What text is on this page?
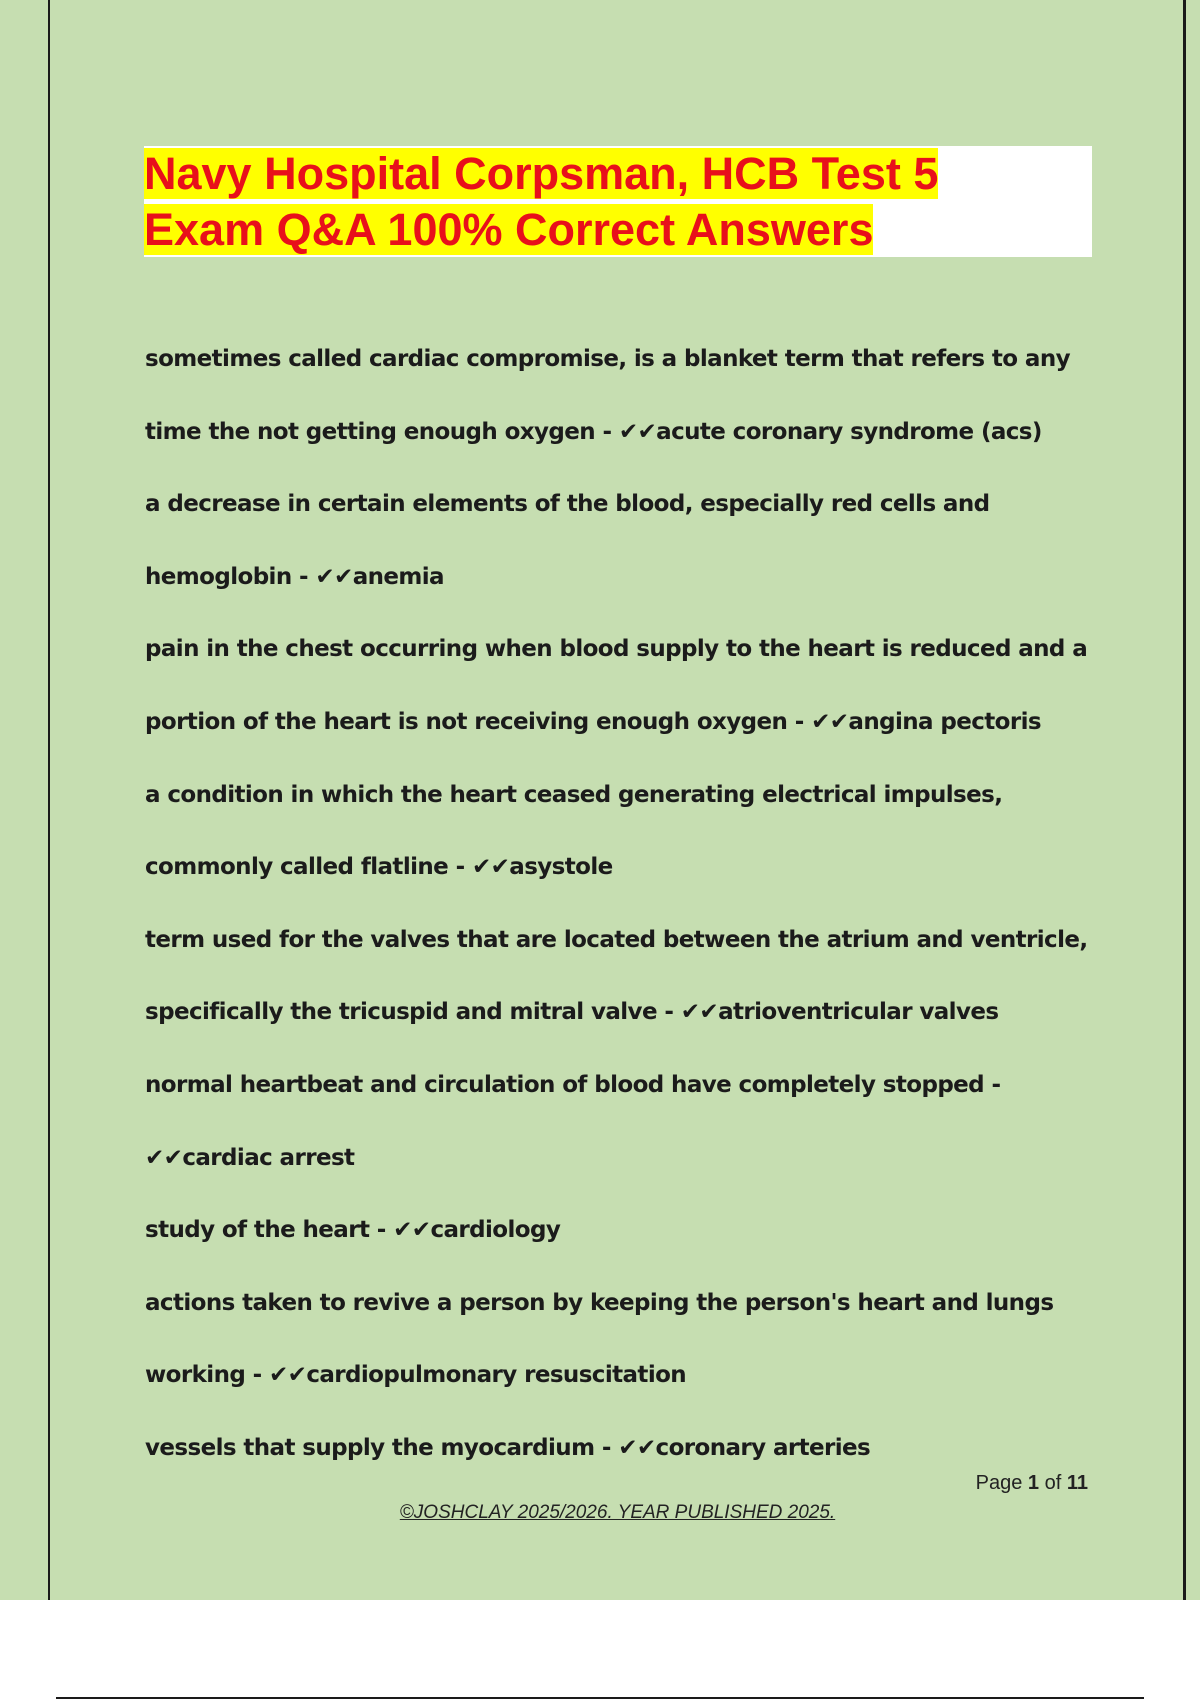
Navy Hospital Corpsman, HCB Test 5
Exam Q&A 100% Correct Answers
sometimes called cardiac compromise, is a blanket term that refers to any time the not getting enough oxygen - ✔✔acute coronary syndrome (acs)
a decrease in certain elements of the blood, especially red cells and hemoglobin - ✔✔anemia
pain in the chest occurring when blood supply to the heart is reduced and a portion of the heart is not receiving enough oxygen - ✔✔angina pectoris
a condition in which the heart ceased generating electrical impulses, commonly called flatline - ✔✔asystole
term used for the valves that are located between the atrium and ventricle, specifically the tricuspid and mitral valve - ✔✔atrioventricular valves
normal heartbeat and circulation of blood have completely stopped - ✔✔cardiac arrest
study of the heart - ✔✔cardiology
actions taken to revive a person by keeping the person's heart and lungs working - ✔✔cardiopulmonary resuscitation
vessels that supply the myocardium - ✔✔coronary arteries
Page 1 of 11
©JOSHCLAY 2025/2026. YEAR PUBLISHED 2025.
